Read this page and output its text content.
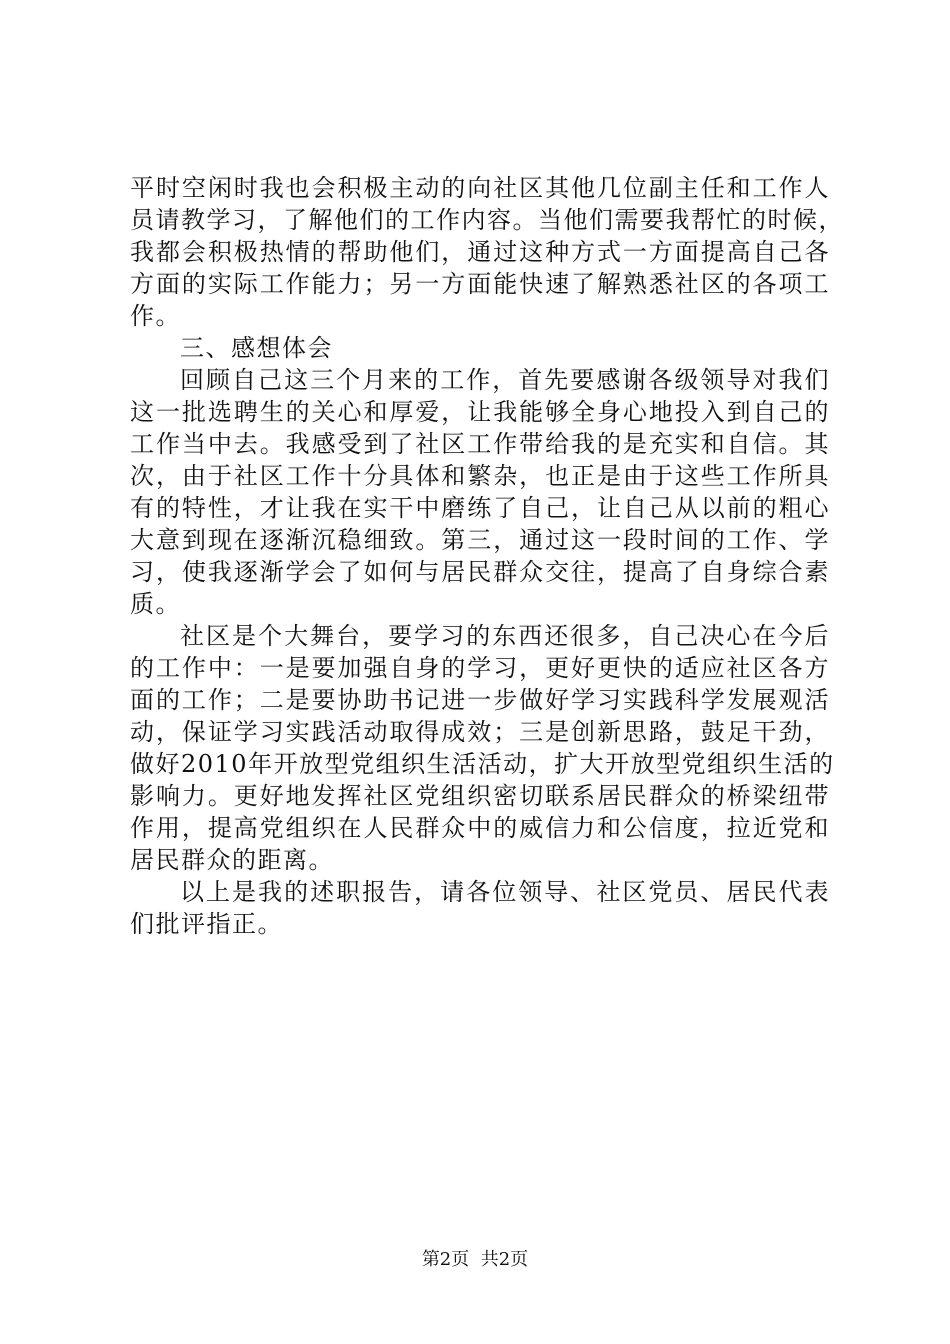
平时空闲时我也会积极主动的向社区其他几位副主任和工作人
员请教学习，了解他们的工作内容。当他们需要我帮忙的时候，
我都会积极热情的帮助他们，通过这种方式一方面提高自己各
方面的实际工作能力；另一方面能快速了解熟悉社区的各项工
作。
三、感想体会
回顾自己这三个月来的工作，首先要感谢各级领导对我们
这一批选聘生的关心和厚爱，让我能够全身心地投入到自己的
工作当中去。我感受到了社区工作带给我的是充实和自信。其
次，由于社区工作十分具体和繁杂，也正是由于这些工作所具
有的特性，才让我在实干中磨练了自己，让自己从以前的粗心
大意到现在逐渐沉稳细致。第三，通过这一段时间的工作、学
习，使我逐渐学会了如何与居民群众交往，提高了自身综合素
质。
社区是个大舞台，要学习的东西还很多，自己决心在今后
的工作中：一是要加强自身的学习，更好更快的适应社区各方
面的工作；二是要协助书记进一步做好学习实践科学发展观活
动，保证学习实践活动取得成效；三是创新思路，鼓足干劲，
做好2010年开放型党组织生活活动，扩大开放型党组织生活的
影响力。更好地发挥社区党组织密切联系居民群众的桥梁纽带
作用，提高党组织在人民群众中的威信力和公信度，拉近党和
居民群众的距离。
以上是我的述职报告，请各位领导、社区党员、居民代表
们批评指正。
第2页  共2页
